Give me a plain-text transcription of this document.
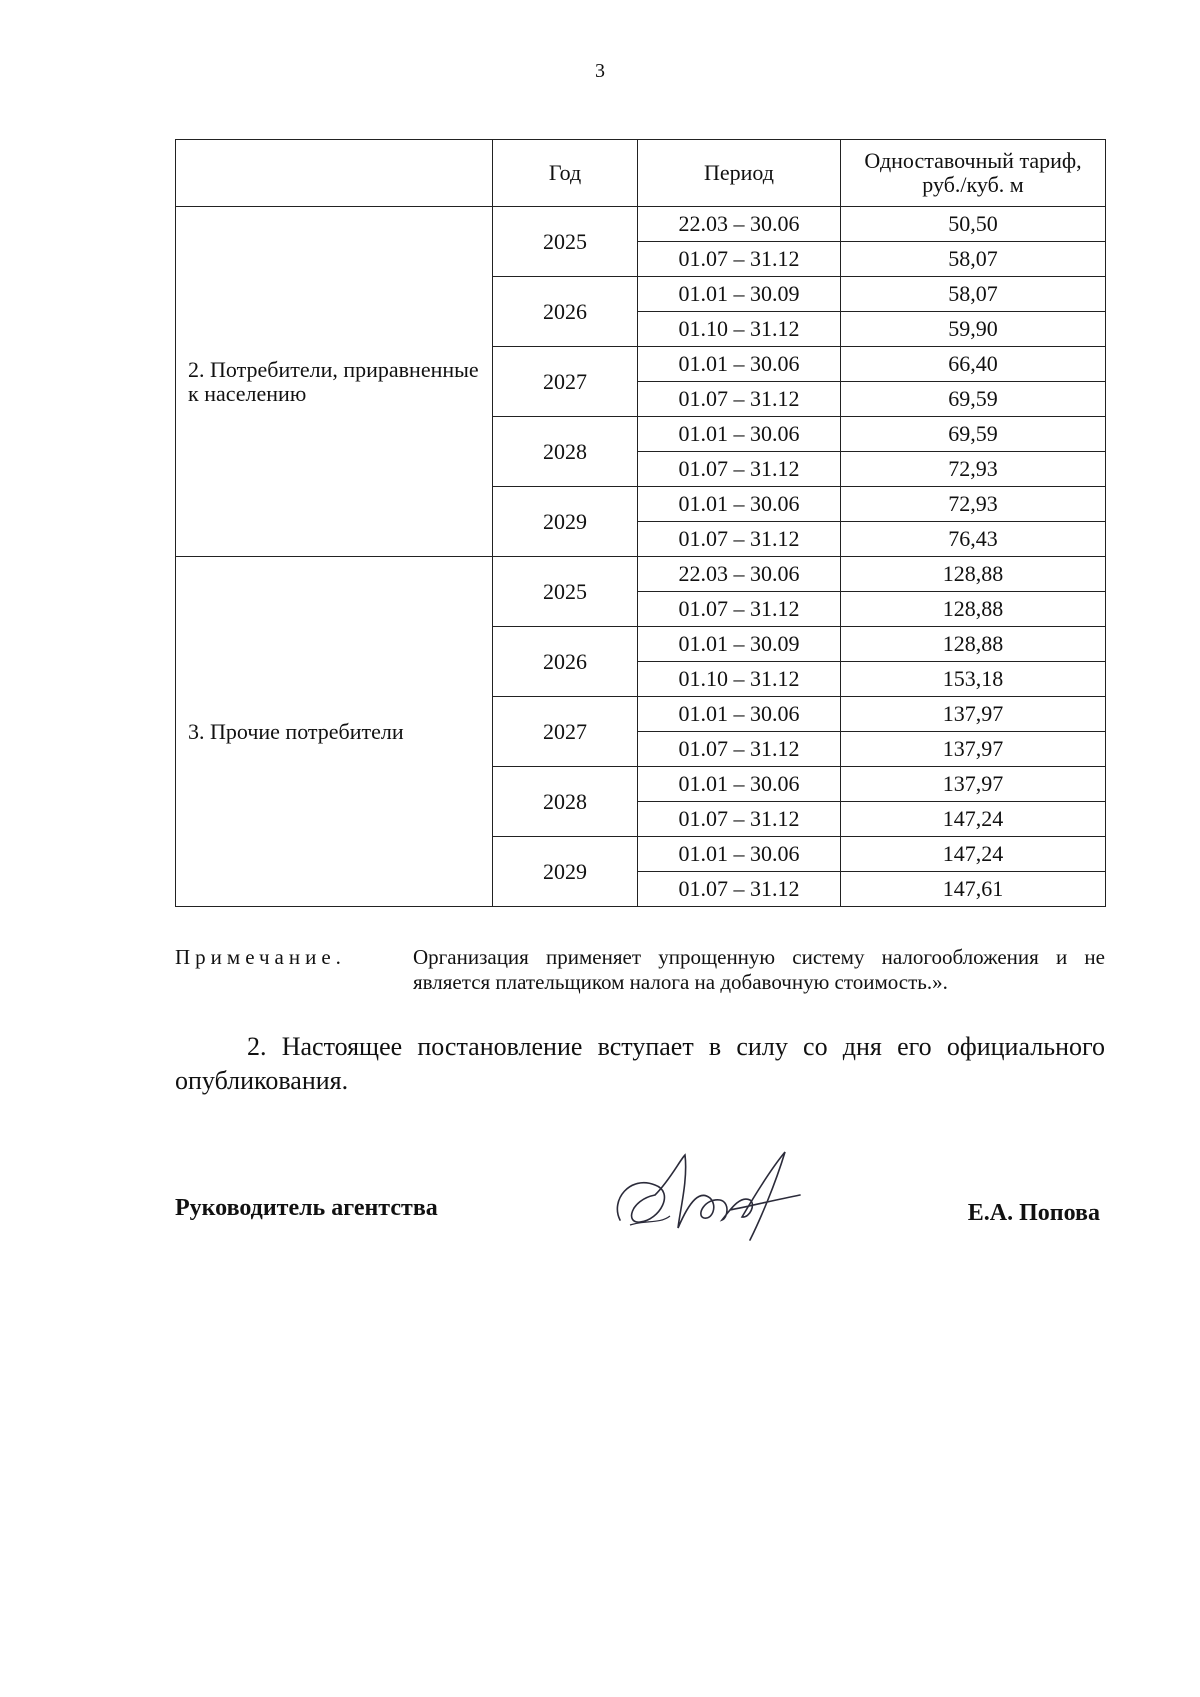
3
	Год	Период	Одноставочный тариф, руб./куб. м
2. Потребители, приравненные к населению	2025	22.03 – 30.06	50,50
		01.07 – 31.12	58,07
	2026	01.01 – 30.09	58,07
		01.10 – 31.12	59,90
	2027	01.01 – 30.06	66,40
		01.07 – 31.12	69,59
	2028	01.01 – 30.06	69,59
		01.07 – 31.12	72,93
	2029	01.01 – 30.06	72,93
		01.07 – 31.12	76,43
3. Прочие потребители	2025	22.03 – 30.06	128,88
		01.07 – 31.12	128,88
	2026	01.01 – 30.09	128,88
		01.10 – 31.12	153,18
	2027	01.01 – 30.06	137,97
		01.07 – 31.12	137,97
	2028	01.01 – 30.06	137,97
		01.07 – 31.12	147,24
	2029	01.01 – 30.06	147,24
		01.07 – 31.12	147,61
Примечание.	Организация применяет упрощенную систему налогообложения и не является плательщиком налога на добавочную стоимость.».
2. Настоящее постановление вступает в силу со дня его официального опубликования.
Руководитель агентства	Е.А. Попова
